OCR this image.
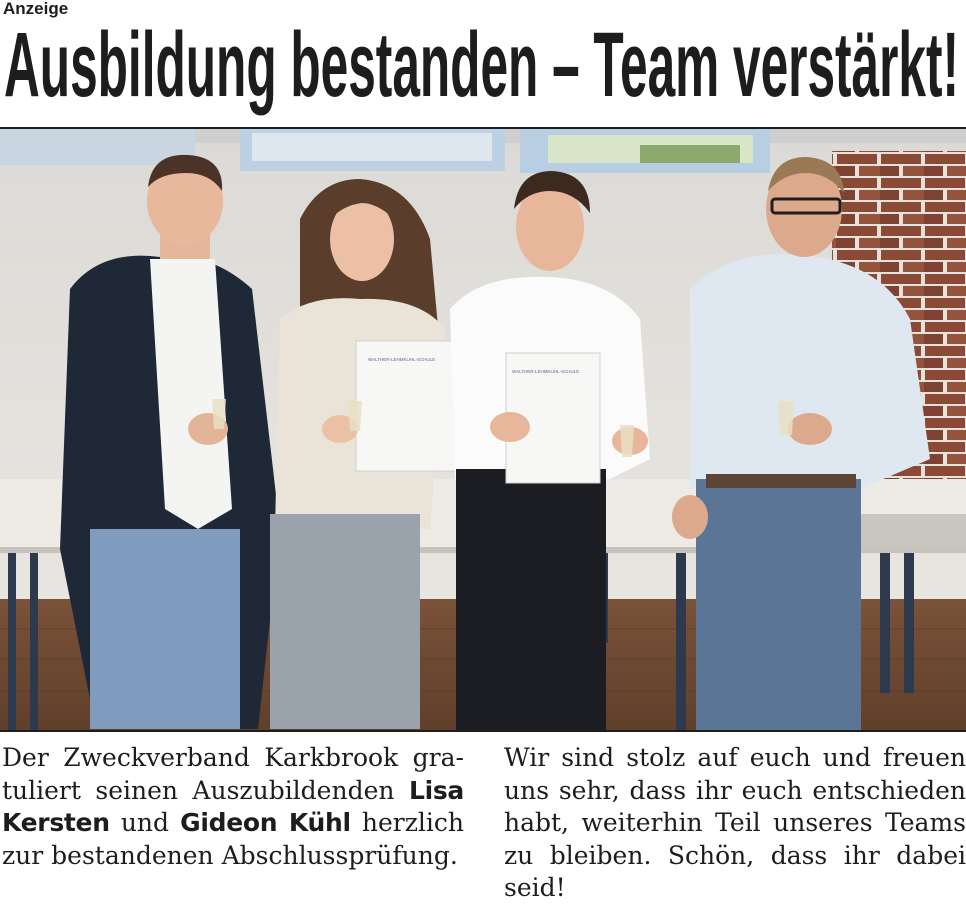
Anzeige
Ausbildung bestanden – Team verstärkt!
WALTHER-LEHMKUHL-SCHULE
WALTHER-LEHMKUHL-SCHULE
Der Zweckverband Karkbrook gratuliert seinen Auszubildenden Lisa Kersten und Gideon Kühl herzlich zur bestandenen Abschlussprüfung.
Wir sind stolz auf euch und freuen uns sehr, dass ihr euch entschieden habt, weiterhin Teil unseres Teams zu bleiben. Schön, dass ihr dabei seid!
